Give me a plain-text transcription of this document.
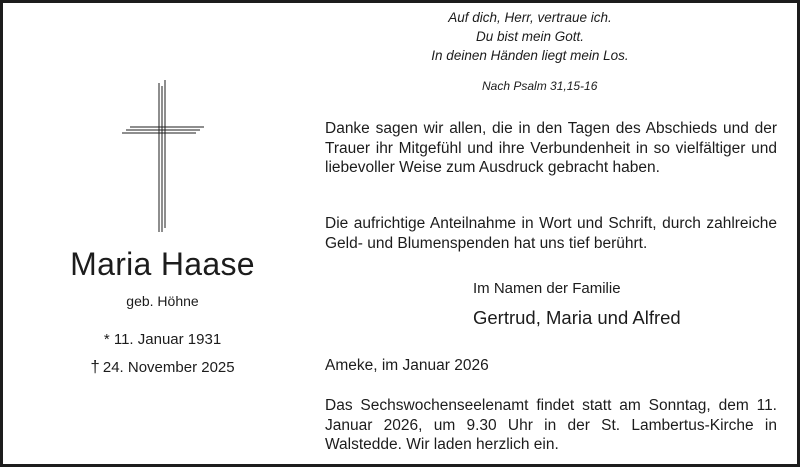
Auf dich, Herr, vertraue ich.
Du bist mein Gott.
In deinen Händen liegt mein Los.
Nach Psalm 31,15-16
Maria Haase
geb. Höhne
* 11. Januar 1931
† 24. November 2025
Danke sagen wir allen, die in den Tagen des Abschieds und der Trauer ihr Mitgefühl und ihre Verbundenheit in so vielfältiger und liebevoller Weise zum Ausdruck gebracht haben.
Die aufrichtige Anteilnahme in Wort und Schrift, durch zahlreiche Geld- und Blumenspenden hat uns tief berührt.
Im Namen der Familie
Gertrud, Maria und Alfred
Ameke, im Januar 2026
Das Sechswochenseelenamt findet statt am Sonntag, dem 11. Januar 2026, um 9.30 Uhr in der St. Lambertus-Kirche in Walstedde. Wir laden herzlich ein.
